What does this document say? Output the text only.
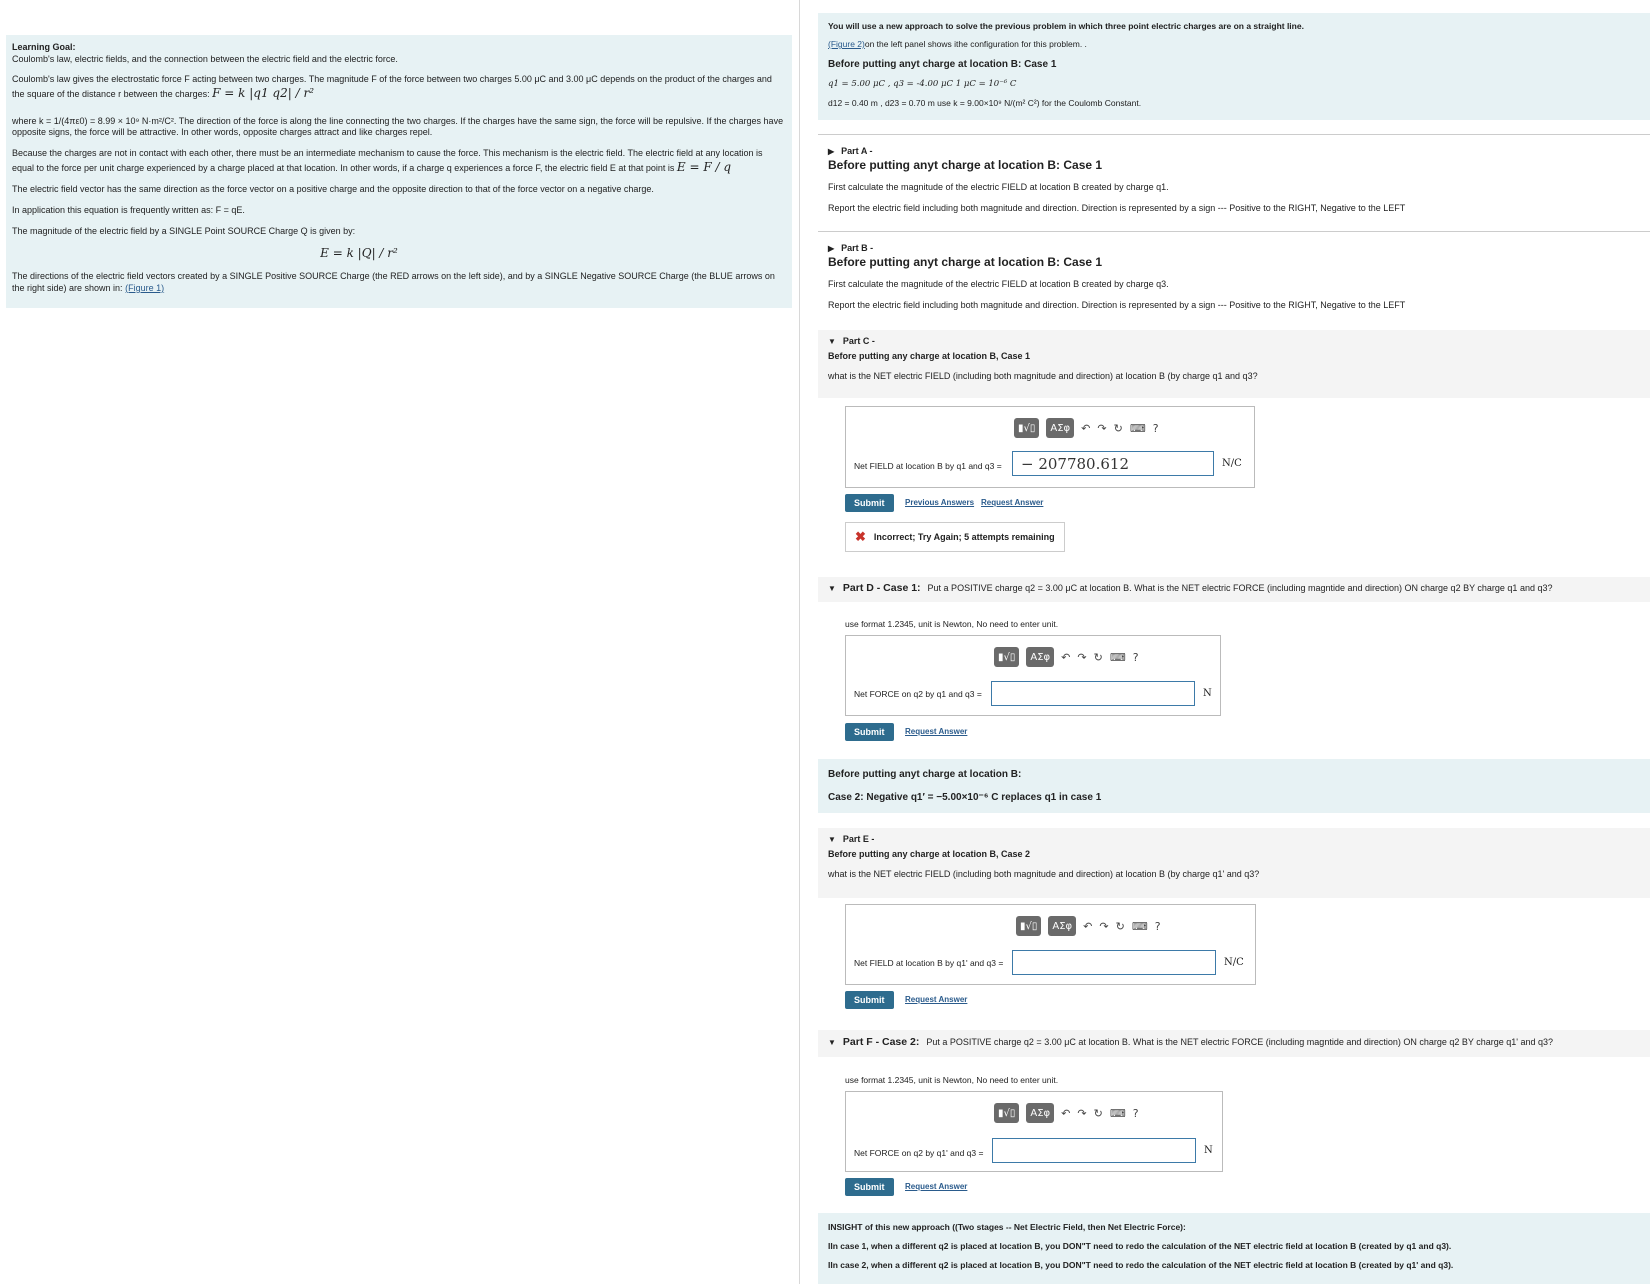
Learning Goal:

Coulomb's law, electric fields, and the connection between the electric field and the electric force.

Coulomb's law gives the electrostatic force F acting between two charges. The magnitude F of the force between two charges 5.00 μC and 3.00 μC depends on the product of the charges and the square of the distance r between the charges: F = k |q1 q2| / r²

where k = 1/(4πε0) = 8.99 × 10⁹ N·m²/C². The direction of the force is along the line connecting the two charges. If the charges have the same sign, the force will be repulsive. If the charges have opposite signs, the force will be attractive. In other words, opposite charges attract and like charges repel.

Because the charges are not in contact with each other, there must be an intermediate mechanism to cause the force. This mechanism is the electric field. The electric field at any location is equal to the force per unit charge experienced by a charge placed at that location. In other words, if a charge q experiences a force F, the electric field E at that point is E = F / q

The electric field vector has the same direction as the force vector on a positive charge and the opposite direction to that of the force vector on a negative charge.

In application this equation is frequently written as: F = qE.

The magnitude of the electric field by a SINGLE Point SOURCE Charge Q is given by:

E = k |Q| / r²

The directions of the electric field vectors created by a SINGLE Positive SOURCE Charge (the RED arrows on the left side), and by a SINGLE Negative SOURCE Charge (the BLUE arrows on the right side) are shown in: (Figure 1)

You will use a new approach to solve the previous problem in which three point electric charges are on a straight line.

(Figure 2)on the left panel shows ithe configuration for this problem. .

Before putting anyt charge at location B: Case 1

q1 = 5.00 μC , q3 = -4.00 μC 1 μC = 10⁻⁶ C

d12 = 0.40 m , d23 = 0.70 m use k = 9.00×10⁹ N/(m² C²) for the Coulomb Constant.

▶ Part A -

Before putting anyt charge at location B: Case 1

First calculate the magnitude of the electric FIELD at location B created by charge q1.

Report the electric field including both magnitude and direction. Direction is represented by a sign --- Positive to the RIGHT, Negative to the LEFT

▶ Part B -

Before putting anyt charge at location B: Case 1

First calculate the magnitude of the electric FIELD at location B created by charge q3.

Report the electric field including both magnitude and direction. Direction is represented by a sign --- Positive to the RIGHT, Negative to the LEFT

▼ Part C -

Before putting any charge at location B, Case 1

what is the NET electric FIELD (including both magnitude and direction) at location B (by charge q1 and q3?

▮√▯	ΑΣφ	↶ ↷ ↻ ⌨ ?
Net FIELD at location B by q1 and q3 =	− 207780.612	N/C
Submit	Previous Answers Request Answer
✖ Incorrect; Try Again; 5 attempts remaining
▼ Part D - Case 1: Put a POSITIVE charge q2 = 3.00 μC at location B. What is the NET electric FORCE (including magntide and direction) ON charge q2 BY charge q1 and q3?
use format 1.2345, unit is Newton, No need to enter unit.
▮√▯	ΑΣφ	↶ ↷ ↻ ⌨ ?
Net FORCE on q2 by q1 and q3 =	N
Submit	Request Answer

Before putting anyt charge at location B:

Case 2: Negative q1′ = −5.00×10⁻⁶ C replaces q1 in case 1

▼ Part E -

Before putting any charge at location B, Case 2

what is the NET electric FIELD (including both magnitude and direction) at location B (by charge q1' and q3?

▮√▯	ΑΣφ	↶ ↷ ↻ ⌨ ?
Net FIELD at location B by q1' and q3 =	N/C
Submit	Request Answer
▼ Part F - Case 2: Put a POSITIVE charge q2 = 3.00 μC at location B. What is the NET electric FORCE (including magntide and direction) ON charge q2 BY charge q1' and q3?
use format 1.2345, unit is Newton, No need to enter unit.
▮√▯	ΑΣφ	↶ ↷ ↻ ⌨ ?
Net FORCE on q2 by q1' and q3 =	N
Submit	Request Answer

INSIGHT of this new approach ((Two stages -- Net Electric Field, then Net Electric Force):

IIn case 1, when a different q2 is placed at location B, you DON"T need to redo the calculation of the NET electric field at location B (created by q1 and q3).

IIn case 2, when a different q2 is placed at location B, you DON"T need to redo the calculation of the NET electric field at location B (created by q1' and q3).
